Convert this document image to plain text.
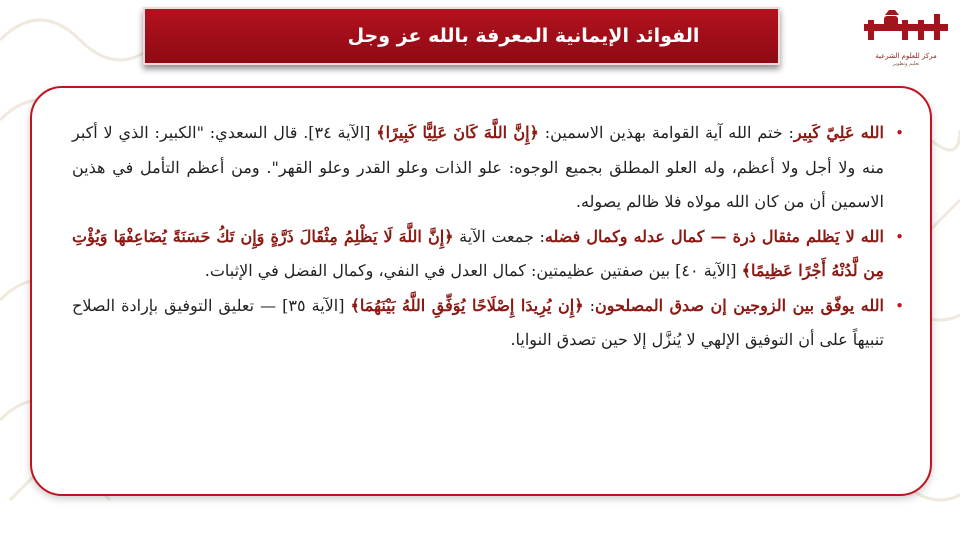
الفوائد الإيمانية المعرفة بالله عز وجل
مركز للعلوم الشرعية
تعليم وتطوير
•
الله عَلِيّ كَبِير: ختم الله آية القوامة بهذين الاسمين: ﴿إِنَّ اللَّهَ كَانَ عَلِيًّا كَبِيرًا﴾ [الآية ٣٤]. قال السعدي: "الكبير: الذي لا أكبر منه ولا أجل ولا أعظم، وله العلو المطلق بجميع الوجوه: علو الذات وعلو القدر وعلو القهر". ومن أعظم التأمل في هذين الاسمين أن من كان الله مولاه فلا ظالم يصوله.
•
الله لا يَظلم مثقال ذرة — كمال عدله وكمال فضله: جمعت الآية ﴿إِنَّ اللَّهَ لَا يَظْلِمُ مِثْقَالَ ذَرَّةٍ وَإِن تَكُ حَسَنَةً يُضَاعِفْهَا وَيُؤْتِ مِن لَّدُنْهُ أَجْرًا عَظِيمًا﴾ [الآية ٤٠] بين صفتين عظيمتين: كمال العدل في النفي، وكمال الفضل في الإثبات.
•
الله يوفّق بين الزوجين إن صدق المصلحون: ﴿إِن يُرِيدَا إِصْلَاحًا يُوَفِّقِ اللَّهُ بَيْنَهُمَا﴾ [الآية ٣٥] — تعليق التوفيق بإرادة الصلاح تنبيهاً على أن التوفيق الإلهي لا يُنزَّل إلا حين تصدق النوايا.
